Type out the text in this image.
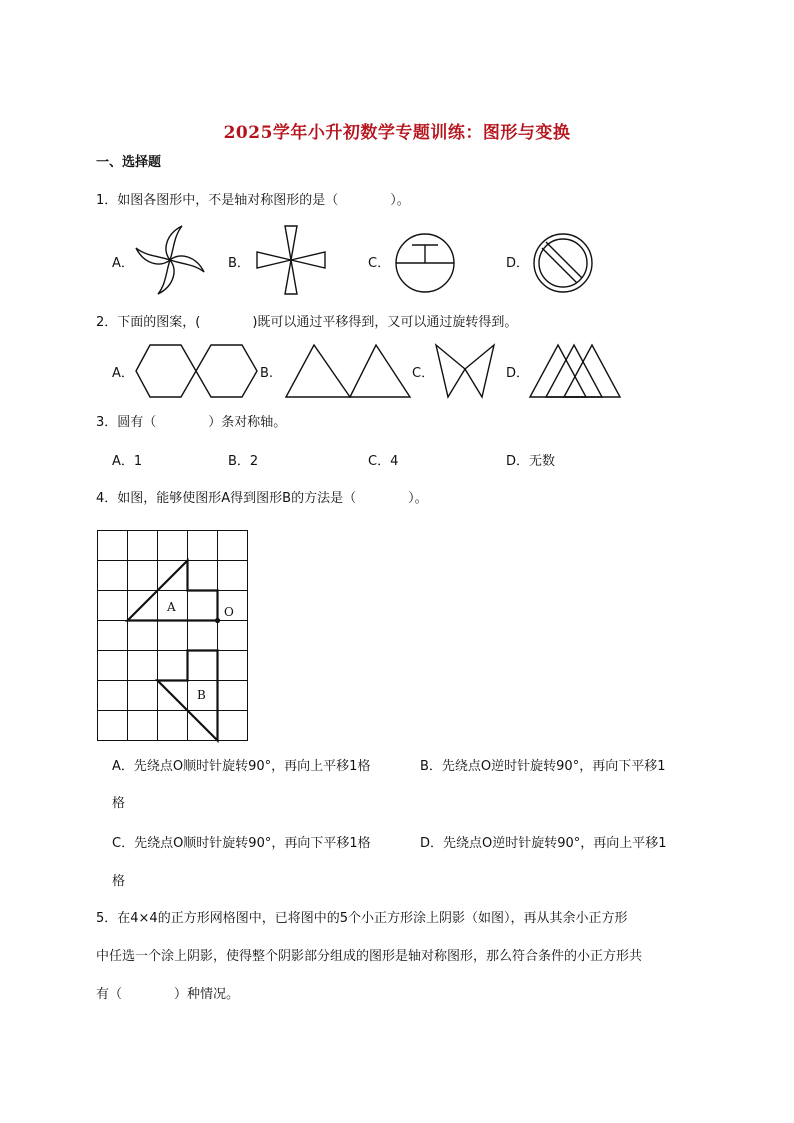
2025学年小升初数学专题训练：图形与变换
一、选择题
1．如图各图形中，不是轴对称图形的是（　　　　）。
A．	B．	C．	D．
2．下面的图案，(　　　　)既可以通过平移得到，又可以通过旋转得到。
A．	B.	C．	D．
3．圆有（　　　　）条对称轴。
A．1	B．2	C．4	D．无数
4．如图，能够使图形A得到图形B的方法是（　　　　）。
A
B
O
A．先绕点O顺时针旋转90°，再向上平移1格	B．先绕点O逆时针旋转90°，再向下平移1
格
C．先绕点O顺时针旋转90°，再向下平移1格	D．先绕点O逆时针旋转90°，再向上平移1
格
5．在4×4的正方形网格图中，已将图中的5个小正方形涂上阴影（如图），再从其余小正方形
中任选一个涂上阴影，使得整个阴影部分组成的图形是轴对称图形，那么符合条件的小正方形共
有（　　　　）种情况。
